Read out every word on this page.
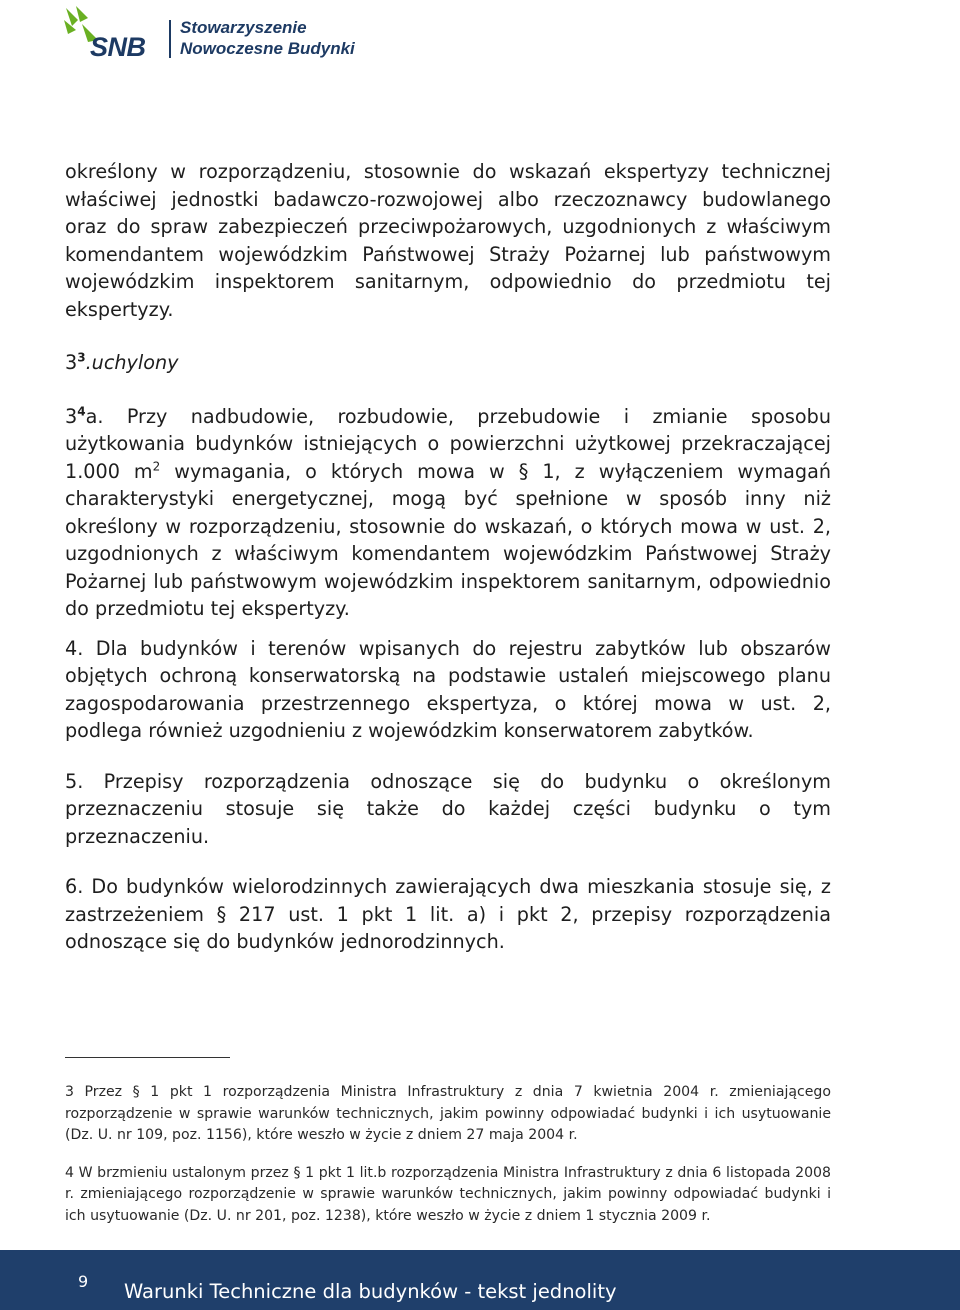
SNB
Stowarzyszenie
Nowoczesne Budynki

określony w rozporządzeniu, stosownie do wskazań ekspertyzy technicznej właściwej jednostki badawczo-rozwojowej albo rzeczoznawcy budowlanego oraz do spraw zabezpieczeń przeciwpożarowych, uzgodnionych z właściwym komendantem wojewódzkim Państwowej Straży Pożarnej lub państwowym wojewódzkim inspektorem sanitarnym, odpowiednio do przedmiotu tej ekspertyzy.

$3^3.uchylony$

$3^4a$. Przy nadbudowie, rozbudowie, przebudowie i zmianie sposobu użytkowania budynków istniejących o powierzchni użytkowej przekraczającej 1.000 $m^2$ wymagania, o których mowa w § 1, z wyłączeniem wymagań charakterystyki energetycznej, mogą być spełnione w sposób inny niż określony w rozporządzeniu, stosownie do wskazań, o których mowa w ust. 2, uzgodnionych z właściwym komendantem wojewódzkim Państwowej Straży Pożarnej lub państwowym wojewódzkim inspektorem sanitarnym, odpowiednio do przedmiotu tej ekspertyzy.

4. Dla budynków i terenów wpisanych do rejestru zabytków lub obszarów objętych ochroną konserwatorską na podstawie ustaleń miejscowego planu zagospodarowania przestrzennego ekspertyza, o której mowa w ust. 2, podlega również uzgodnieniu z wojewódzkim konserwatorem zabytków.

5. Przepisy rozporządzenia odnoszące się do budynku o określonym przeznaczeniu stosuje się także do każdej części budynku o tym przeznaczeniu.

6. Do budynków wielorodzinnych zawierających dwa mieszkania stosuje się, z zastrzeżeniem § 217 ust. 1 pkt 1 lit. a) i pkt 2, przepisy rozporządzenia odnoszące się do budynków jednorodzinnych.

3 Przez § 1 pkt 1 rozporządzenia Ministra Infrastruktury z dnia 7 kwietnia 2004 r. zmieniającego rozporządzenie w sprawie warunków technicznych, jakim powinny odpowiadać budynki i ich usytuowanie (Dz. U. nr 109, poz. 1156), które weszło w życie z dniem 27 maja 2004 r.

4 W brzmieniu ustalonym przez § 1 pkt 1 lit.b rozporządzenia Ministra Infrastruktury z dnia 6 listopada 2008 r. zmieniającego rozporządzenie w sprawie warunków technicznych, jakim powinny odpowiadać budynki i ich usytuowanie (Dz. U. nr 201, poz. 1238), które weszło w życie z dniem 1 stycznia 2009 r.

9 Warunki Techniczne dla budynków - tekst jednolity
